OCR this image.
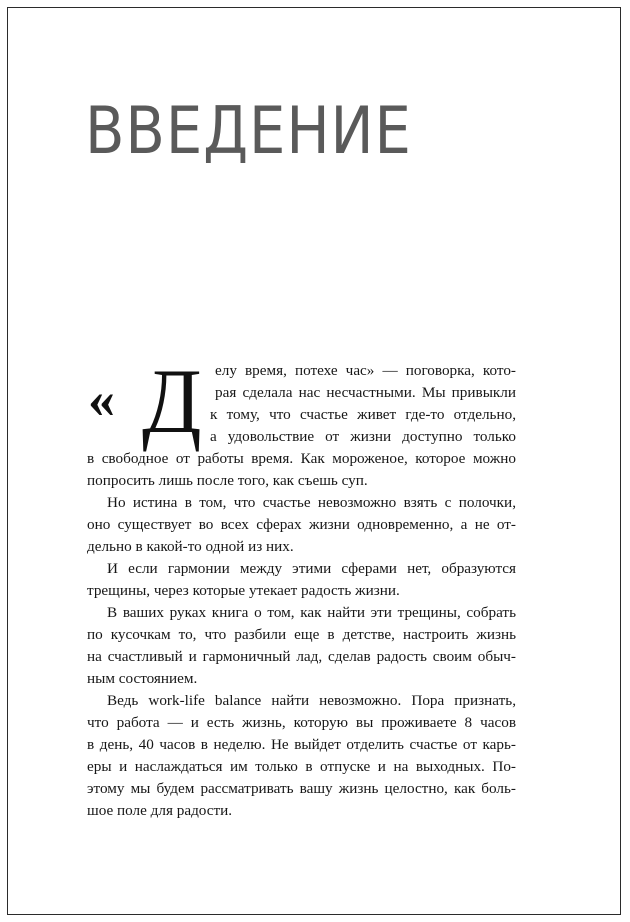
ВВЕДЕНИЕ
« Д елу время, потехе час» — поговорка, кото-

рая сделала нас несчастными. Мы привыкли

к тому, что счастье живет где-то отдельно,

а удовольствие от жизни доступно только

в свободное от работы время. Как мороженое, которое можно

попросить лишь после того, как съешь суп.

Но истина в том, что счастье невозможно взять с полочки,

оно существует во всех сферах жизни одновременно, а не от-

дельно в какой-то одной из них.

И если гармонии между этими сферами нет, образуются

трещины, через которые утекает радость жизни.

В ваших руках книга о том, как найти эти трещины, собрать

по кусочкам то, что разбили еще в детстве, настроить жизнь

на счастливый и гармоничный лад, сделав радость своим обыч-

ным состоянием.

Ведь work-life balance найти невозможно. Пора признать,

что работа — и есть жизнь, которую вы проживаете 8 часов

в день, 40 часов в неделю. Не выйдет отделить счастье от карь-

еры и наслаждаться им только в отпуске и на выходных. По-

этому мы будем рассматривать вашу жизнь целостно, как боль-

шое поле для радости.
